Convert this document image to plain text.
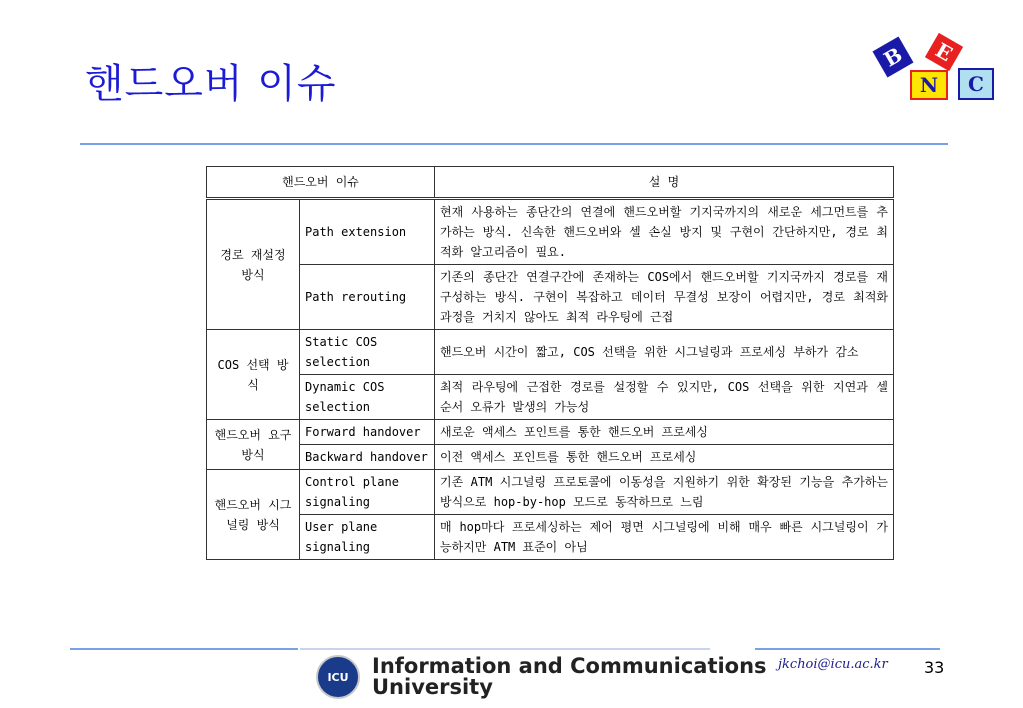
핸드오버 이슈
B	E
N	C
핸드오버 이슈		설 명
경로 재설정 방식	Path extension	현재 사용하는 종단간의 연결에 핸드오버할 기지국까지의 새로운 세그먼트를 추가하는 방식. 신속한 핸드오버와 셀 손실 방지 및 구현이 간단하지만, 경로 최적화 알고리즘이 필요.
	Path rerouting	기존의 종단간 연결구간에 존재하는 COS에서 핸드오버할 기지국까지 경로를 재구성하는 방식. 구현이 복잡하고 데이터 무결성 보장이 어렵지만, 경로 최적화 과정을 거치지 않아도 최적 라우팅에 근접
COS 선택 방식	Static COS selection	핸드오버 시간이 짧고, COS 선택을 위한 시그널링과 프로세싱 부하가 감소
	Dynamic COS selection	최적 라우팅에 근접한 경로를 설정할 수 있지만, COS 선택을 위한 지연과 셀 순서 오류가 발생의 가능성
핸드오버 요구방식	Forward handover	새로운 액세스 포인트를 통한 핸드오버 프로세싱
	Backward handover	이전 액세스 포인트를 통한 핸드오버 프로세싱
핸드오버 시그널링 방식	Control plane signaling	기존 ATM 시그널링 프로토콜에 이동성을 지원하기 위한 확장된 기능을 추가하는 방식으로 hop-by-hop 모드로 동작하므로 느림
	User plane signaling	매 hop마다 프로세싱하는 제어 평면 시그널링에 비해 매우 빠른 시그널링이 가능하지만 ATM 표준이 아님
ICU Information and Communications
University
jkchoi@icu.ac.kr 33
